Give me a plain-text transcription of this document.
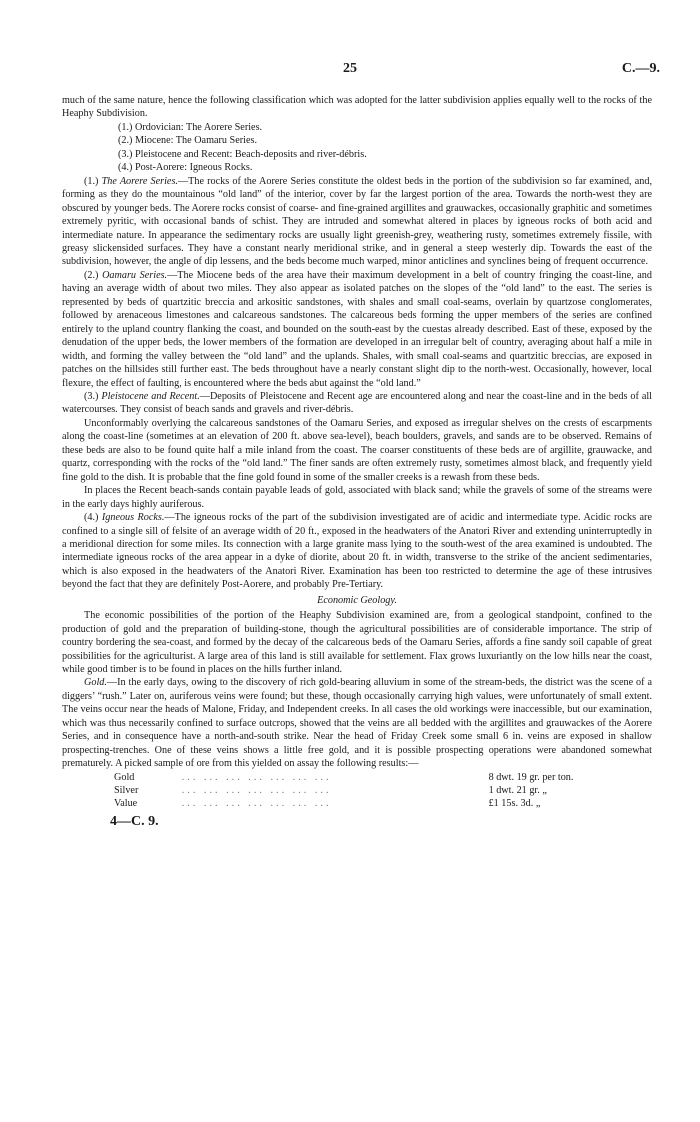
25	C.—9.

much of the same nature, hence the following classification which was adopted for the latter subdivision applies equally well to the rocks of the Heaphy Subdivision.

(1.) Ordovician: The Aorere Series.
(2.) Miocene: The Oamaru Series.
(3.) Pleistocene and Recent: Beach-deposits and river-débris.
(4.) Post-Aorere: Igneous Rocks.

(1.) The Aorere Series.—The rocks of the Aorere Series constitute the oldest beds in the portion of the subdivision so far examined, and, forming as they do the mountainous “old land” of the interior, cover by far the largest portion of the area. Towards the north-west they are obscured by younger beds. The Aorere rocks consist of coarse- and fine-grained argillites and grauwackes, occasionally graphitic and sometimes extremely pyritic, with occasional bands of schist. They are intruded and somewhat altered in places by igneous rocks of both acid and intermediate nature. In appearance the sedimentary rocks are usually light greenish-grey, weathering rusty, sometimes extremely fissile, with greasy slickensided surfaces. They have a constant nearly meridional strike, and in general a steep westerly dip. Towards the east of the subdivision, however, the angle of dip lessens, and the beds become much warped, minor anticlines and synclines being of frequent occurrence.

(2.) Oamaru Series.—The Miocene beds of the area have their maximum development in a belt of country fringing the coast-line, and having an average width of about two miles. They also appear as isolated patches on the slopes of the “old land” to the east. The series is represented by beds of quartzitic breccia and arkositic sandstones, with shales and small coal-seams, overlain by quartzose conglomerates, followed by arenaceous limestones and calcareous sandstones. The calcareous beds forming the upper members of the series are confined entirely to the upland country flanking the coast, and bounded on the south-east by the cuestas already described. East of these, exposed by the denudation of the upper beds, the lower members of the formation are developed in an irregular belt of country, averaging about half a mile in width, and forming the valley between the “old land” and the uplands. Shales, with small coal-seams and quartzitic breccias, are exposed in patches on the hillsides still further east. The beds throughout have a nearly constant slight dip to the north-west. Occasionally, however, local flexure, the effect of faulting, is encountered where the beds abut against the “old land.”

(3.) Pleistocene and Recent.—Deposits of Pleistocene and Recent age are encountered along and near the coast-line and in the beds of all watercourses. They consist of beach sands and gravels and river-débris.

Unconformably overlying the calcareous sandstones of the Oamaru Series, and exposed as irregular shelves on the crests of escarpments along the coast-line (sometimes at an elevation of 200 ft. above sea-level), beach boulders, gravels, and sands are to be observed. Remains of these beds are also to be found quite half a mile inland from the coast. The coarser constituents of these beds are of argillite, grauwacke, and quartz, corresponding with the rocks of the “old land.” The finer sands are often extremely rusty, sometimes almost black, and frequently yield fine gold to the dish. It is probable that the fine gold found in some of the smaller creeks is a rewash from these beds.

In places the Recent beach-sands contain payable leads of gold, associated with black sand; while the gravels of some of the streams were in the early days highly auriferous.

(4.) Igneous Rocks.—The igneous rocks of the part of the subdivision investigated are of acidic and intermediate type. Acidic rocks are confined to a single sill of felsite of an average width of 20 ft., exposed in the headwaters of the Anatori River and extending uninterruptedly in a meridional direction for some miles. Its connection with a large granite mass lying to the south-west of the area examined is undoubted. The intermediate igneous rocks of the area appear in a dyke of diorite, about 20 ft. in width, transverse to the strike of the ancient sedimentaries, which is also exposed in the headwaters of the Anatori River. Examination has been too restricted to determine the age of these intrusives beyond the fact that they are definitely Post-Aorere, and probably Pre-Tertiary.

Economic Geology.

The economic possibilities of the portion of the Heaphy Subdivision examined are, from a geological standpoint, confined to the production of gold and the preparation of building-stone, though the agricultural possibilities are of considerable importance. The strip of country bordering the sea-coast, and formed by the decay of the calcareous beds of the Oamaru Series, affords a fine sandy soil capable of great possibilities for the agriculturist. A large area of this land is still available for settlement. Flax grows luxuriantly on the low hills near the coast, while good timber is to be found in places on the hills further inland.

Gold.—In the early days, owing to the discovery of rich gold-bearing alluvium in some of the stream-beds, the district was the scene of a diggers’ “rush.” Later on, auriferous veins were found; but these, though occasionally carrying high values, were unfortunately of small extent. The veins occur near the heads of Malone, Friday, and Independent creeks. In all cases the old workings were inaccessible, but our examination, which was thus necessarily confined to surface outcrops, showed that the veins are all bedded with the argillites and grauwackes of the Aorere Series, and in consequence have a north-and-south strike. Near the head of Friday Creek some small 6 in. veins are exposed in shallow prospecting-trenches. One of these veins shows a little free gold, and it is possible prospecting operations were abandoned somewhat prematurely. A picked sample of ore from this yielded on assay the following results:—

Gold	... ... ... ... ... ... ...	8 dwt. 19 gr. per ton.
Silver	... ... ... ... ... ... ...	1 dwt. 21 gr. „
Value	... ... ... ... ... ... ...	£1 15s. 3d. „
4—C. 9.
